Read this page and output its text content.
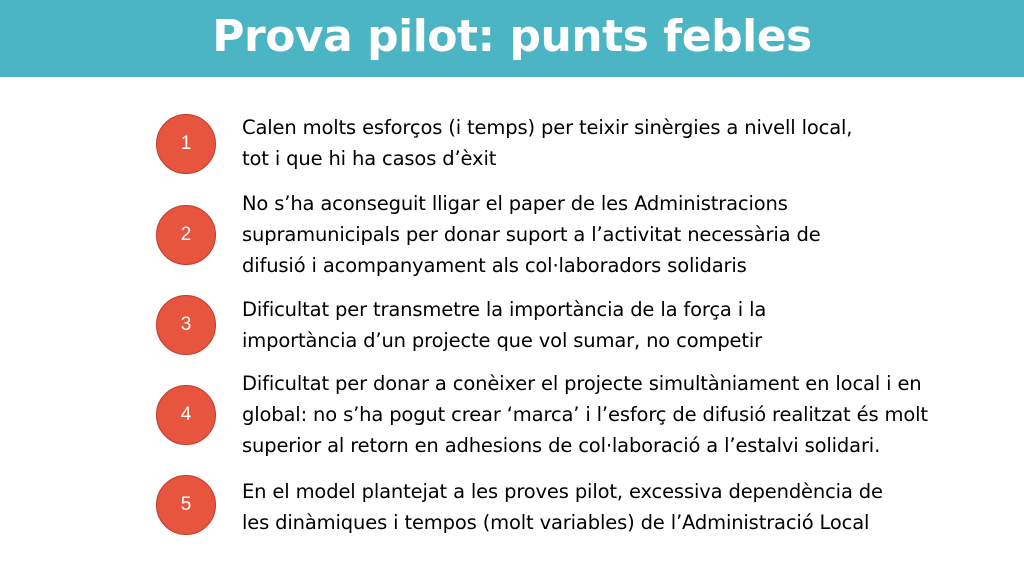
Prova pilot: punts febles
1
Calen molts esforços (i temps) per teixir sinèrgies a nivell local,
tot i que hi ha casos d’èxit
2
No s’ha aconseguit lligar el paper de les Administracions
supramunicipals per donar suport a l’activitat necessària de
difusió i acompanyament als col·laboradors solidaris
3
Dificultat per transmetre la importància de la força i la
importància d’un projecte que vol sumar, no competir
4
Dificultat per donar a conèixer el projecte simultàniament en local i en
global: no s’ha pogut crear ‘marca’ i l’esforç de difusió realitzat és molt
superior al retorn en adhesions de col·laboració a l’estalvi solidari.
5
En el model plantejat a les proves pilot, excessiva dependència de
les dinàmiques i tempos (molt variables) de l’Administració Local
